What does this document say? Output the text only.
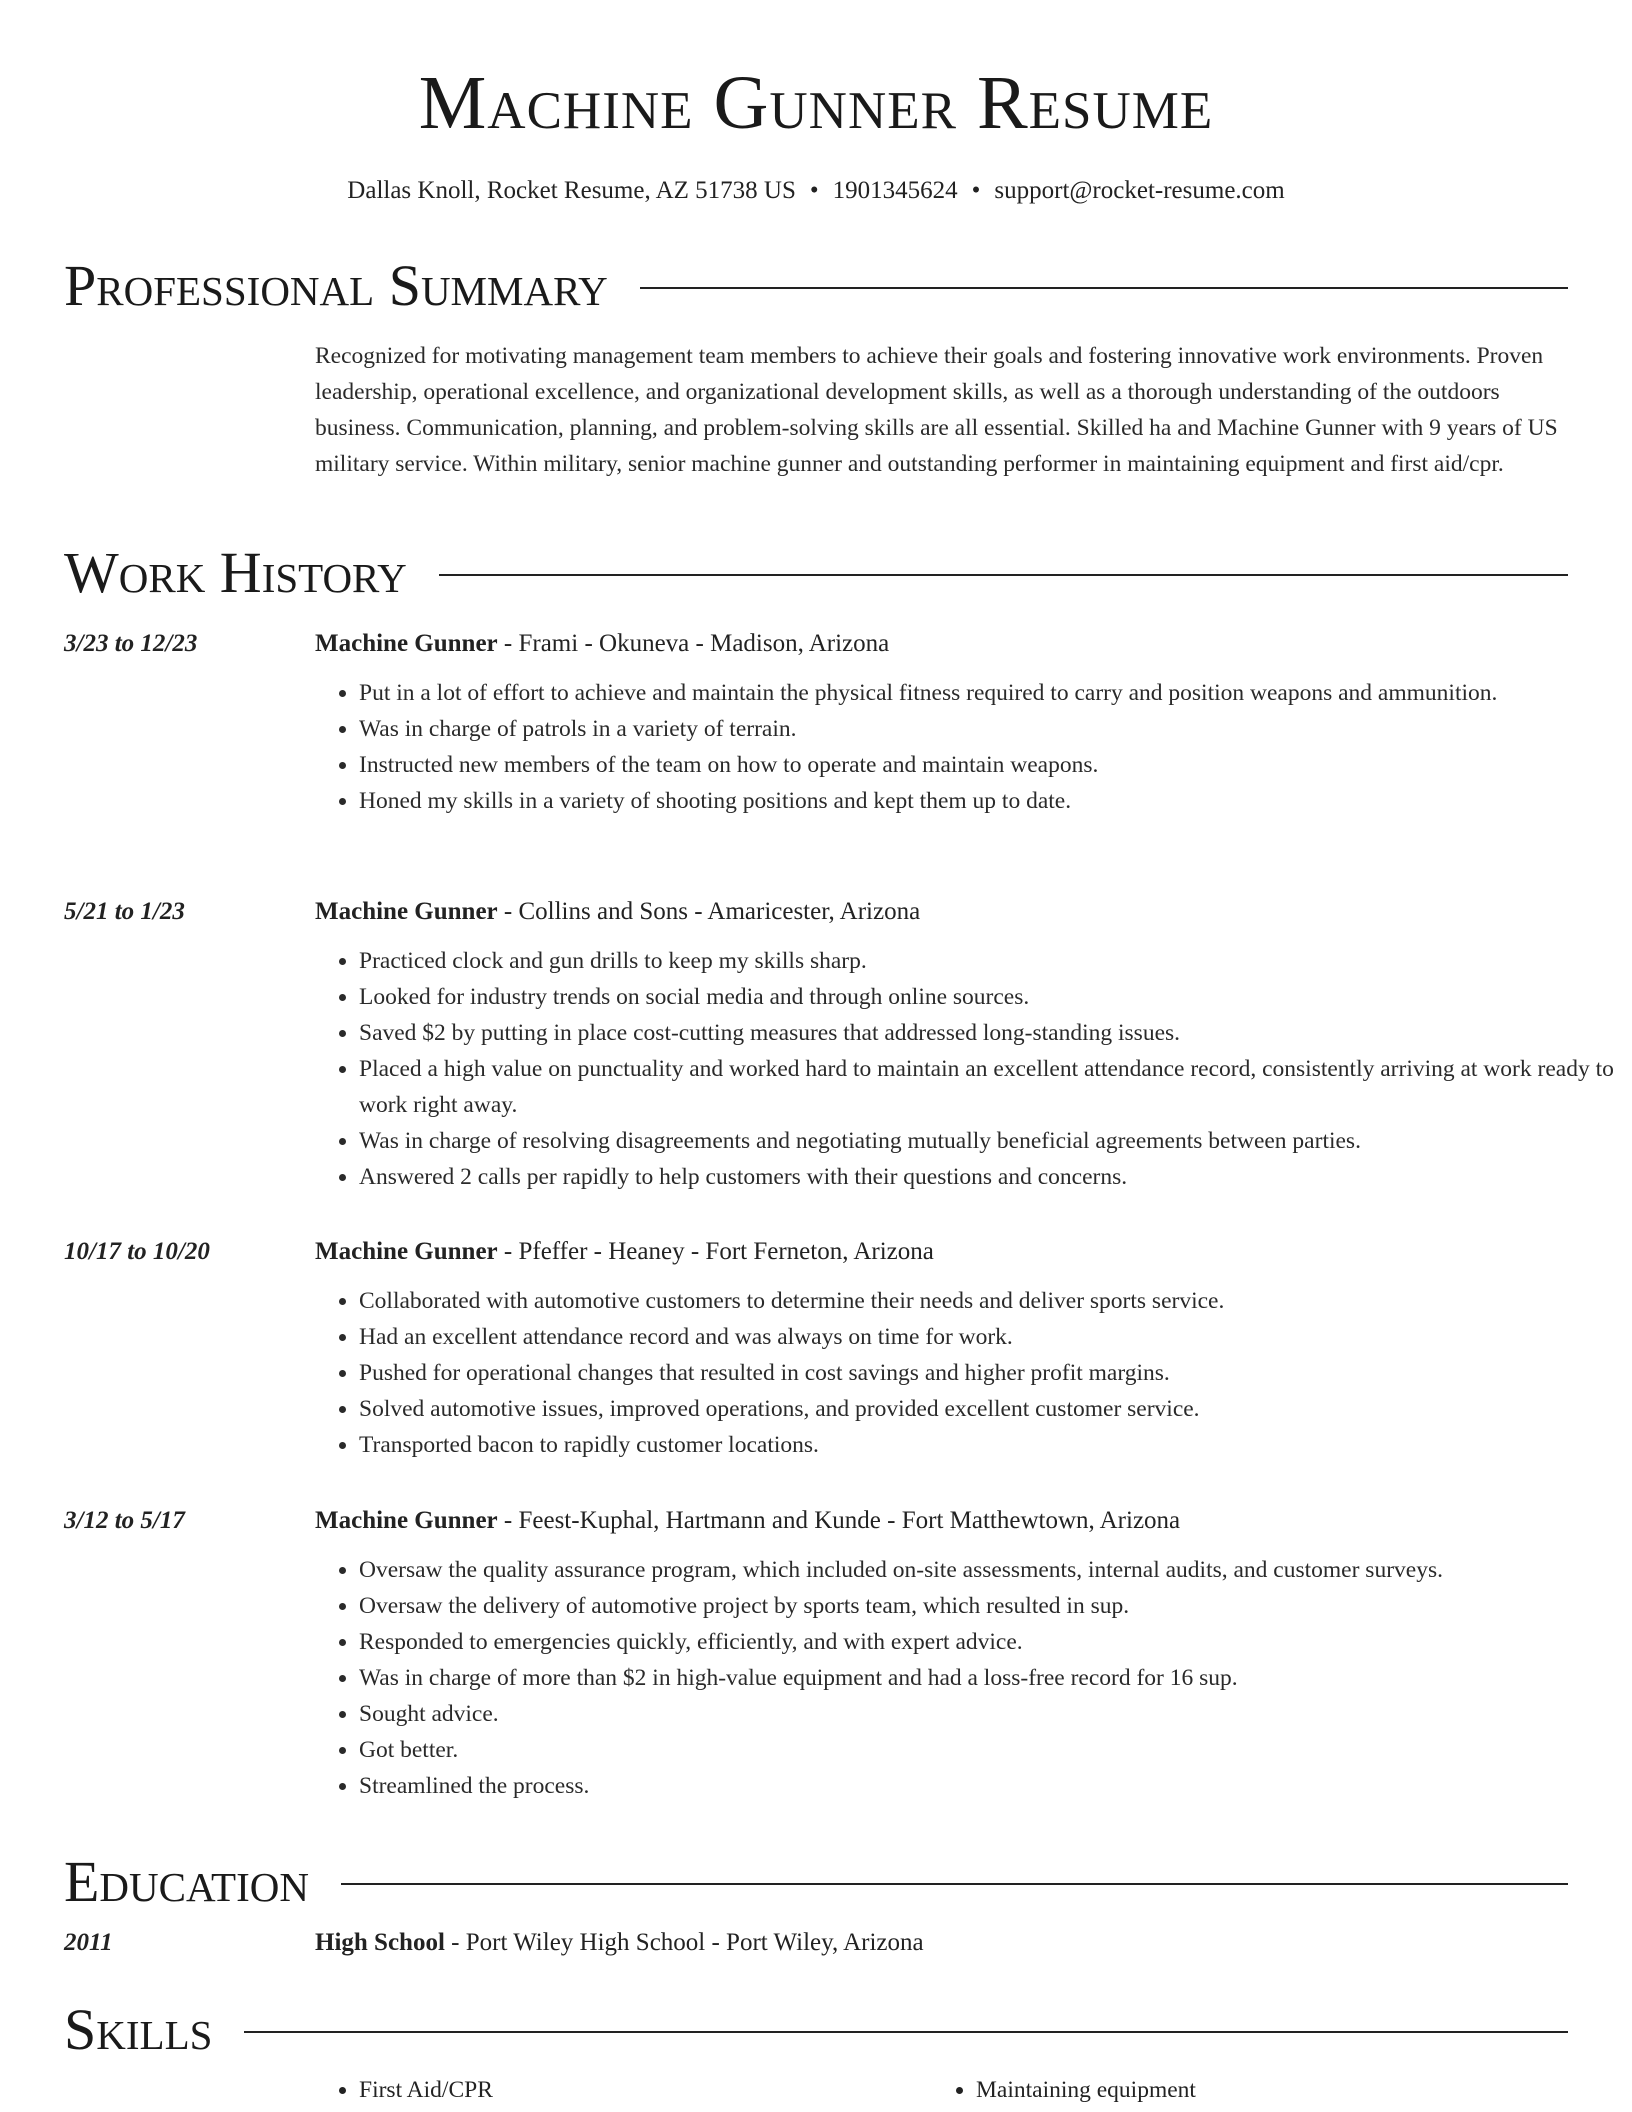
Machine Gunner Resume
Dallas Knoll, Rocket Resume, AZ 51738 US • 1901345624 • support@rocket-resume.com
Professional Summary
Recognized for motivating management team members to achieve their goals and fostering innovative work environments. Proven leadership, operational excellence, and organizational development skills, as well as a thorough understanding of the outdoors business. Communication, planning, and problem-solving skills are all essential. Skilled ha and Machine Gunner with 9 years of US military service. Within military, senior machine gunner and outstanding performer in maintaining equipment and first aid/cpr.
Work History
3/23 to 12/23	Machine Gunner - Frami - Okuneva - Madison, Arizona
• Put in a lot of effort to achieve and maintain the physical fitness required to carry and position weapons and ammunition.
• Was in charge of patrols in a variety of terrain.
• Instructed new members of the team on how to operate and maintain weapons.
• Honed my skills in a variety of shooting positions and kept them up to date.
5/21 to 1/23	Machine Gunner - Collins and Sons - Amaricester, Arizona
• Practiced clock and gun drills to keep my skills sharp.
• Looked for industry trends on social media and through online sources.
• Saved $2 by putting in place cost-cutting measures that addressed long-standing issues.
• Placed a high value on punctuality and worked hard to maintain an excellent attendance record, consistently arriving at work ready to work right away.
• Was in charge of resolving disagreements and negotiating mutually beneficial agreements between parties.
• Answered 2 calls per rapidly to help customers with their questions and concerns.
10/17 to 10/20	Machine Gunner - Pfeffer - Heaney - Fort Ferneton, Arizona
• Collaborated with automotive customers to determine their needs and deliver sports service.
• Had an excellent attendance record and was always on time for work.
• Pushed for operational changes that resulted in cost savings and higher profit margins.
• Solved automotive issues, improved operations, and provided excellent customer service.
• Transported bacon to rapidly customer locations.
3/12 to 5/17	Machine Gunner - Feest-Kuphal, Hartmann and Kunde - Fort Matthewtown, Arizona
• Oversaw the quality assurance program, which included on-site assessments, internal audits, and customer surveys.
• Oversaw the delivery of automotive project by sports team, which resulted in sup.
• Responded to emergencies quickly, efficiently, and with expert advice.
• Was in charge of more than $2 in high-value equipment and had a loss-free record for 16 sup.
• Sought advice.
• Got better.
• Streamlined the process.
Education
2011	High School - Port Wiley High School - Port Wiley, Arizona
Skills
• First Aid/CPR
•	Maintaining equipment
